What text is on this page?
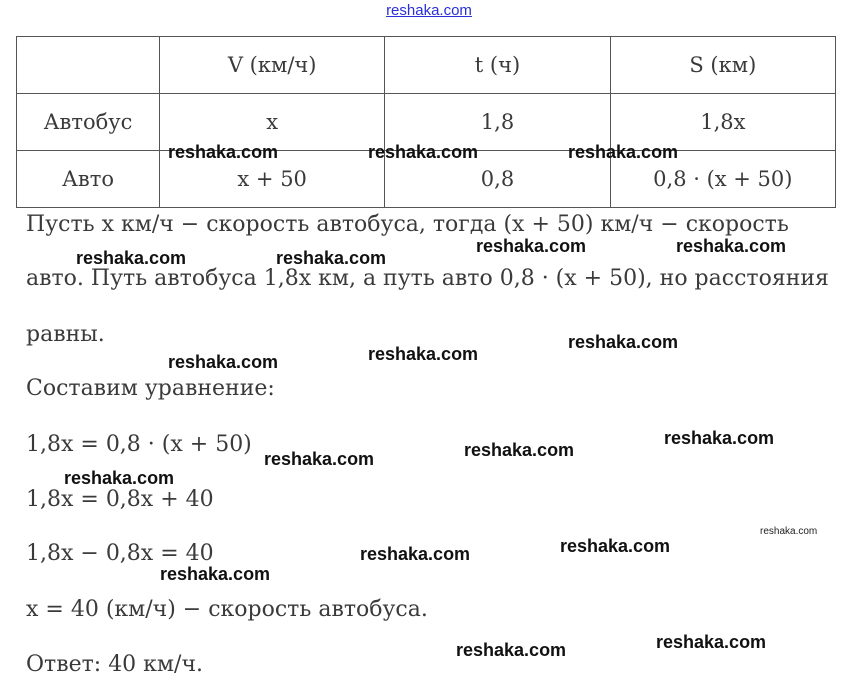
reshaka.com
	V (км/ч)	t (ч)	S (км)
Автобус	x	1,8	1,8x
Авто	x + 50	0,8	0,8 · (x + 50)
Пусть x км/ч − скорость автобуса, тогда (x + 50) км/ч − скорость
авто. Путь автобуса 1,8x км, а путь авто 0,8 · (x + 50), но расстояния
равны.
Составим уравнение:
1,8x = 0,8 · (x + 50)
1,8x = 0,8x + 40
1,8x − 0,8x = 40
x = 40 (км/ч) − скорость автобуса.
Ответ: 40 км/ч.
reshaka.com	reshaka.com	reshaka.com
reshaka.com	reshaka.com
reshaka.com	reshaka.com
reshaka.com
reshaka.com
reshaka.com
reshaka.com
reshaka.com
reshaka.com
reshaka.com
reshaka.com
reshaka.com
reshaka.com
reshaka.com
reshaka.com
reshaka.com
